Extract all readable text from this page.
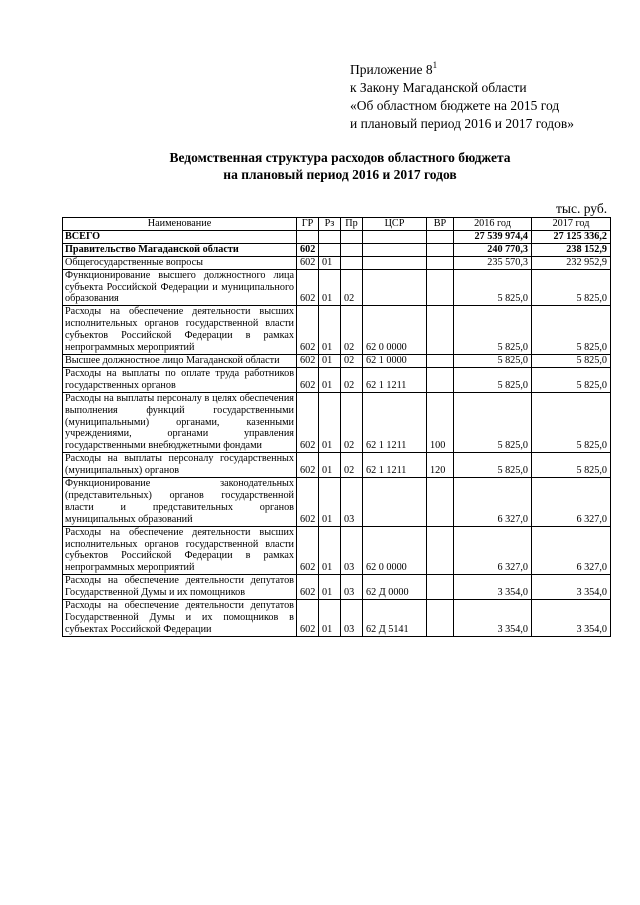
Приложение $8^1$
к Закону Магаданской области
«Об областном бюджете на 2015 год
и плановый период 2016 и 2017 годов»
Ведомственная структура расходов областного бюджета
на плановый период 2016 и 2017 годов
тыс. руб.
Наименование	ГР	Рз	Пр	ЦСР	ВР	2016 год	2017 год
ВСЕГО						27 539 974,4	27 125 336,2
Правительство Магаданской области	602					240 770,3	238 152,9
Общегосударственные вопросы	602	01				235 570,3	232 952,9
Функционирование высшего должностного лица субъекта Российской Федерации и муниципального образования	602	01	02			5 825,0	5 825,0
Расходы на обеспечение деятельности высших исполнительных органов государственной власти субъектов Российской Федерации в рамках непрограммных мероприятий	602	01	02	62 0 0000		5 825,0	5 825,0
Высшее должностное лицо Магаданской области	602	01	02	62 1 0000		5 825,0	5 825,0
Расходы на выплаты по оплате труда работников государственных органов	602	01	02	62 1 1211		5 825,0	5 825,0
Расходы на выплаты персоналу в целях обеспечения выполнения функций государственными (муниципальными) органами, казенными учреждениями, органами управления государственными внебюджетными фондами	602	01	02	62 1 1211	100	5 825,0	5 825,0
Расходы на выплаты персоналу государственных (муниципальных) органов	602	01	02	62 1 1211	120	5 825,0	5 825,0
Функционирование законодательных (представительных) органов государственной власти и представительных органов муниципальных образований	602	01	03			6 327,0	6 327,0
Расходы на обеспечение деятельности высших исполнительных органов государственной власти субъектов Российской Федерации в рамках непрограммных мероприятий	602	01	03	62 0 0000		6 327,0	6 327,0
Расходы на обеспечение деятельности депутатов Государственной Думы и их помощников	602	01	03	62 Д 0000		3 354,0	3 354,0
Расходы на обеспечение деятельности депутатов Государственной Думы и их помощников в субъектах Российской Федерации	602	01	03	62 Д 5141		3 354,0	3 354,0
